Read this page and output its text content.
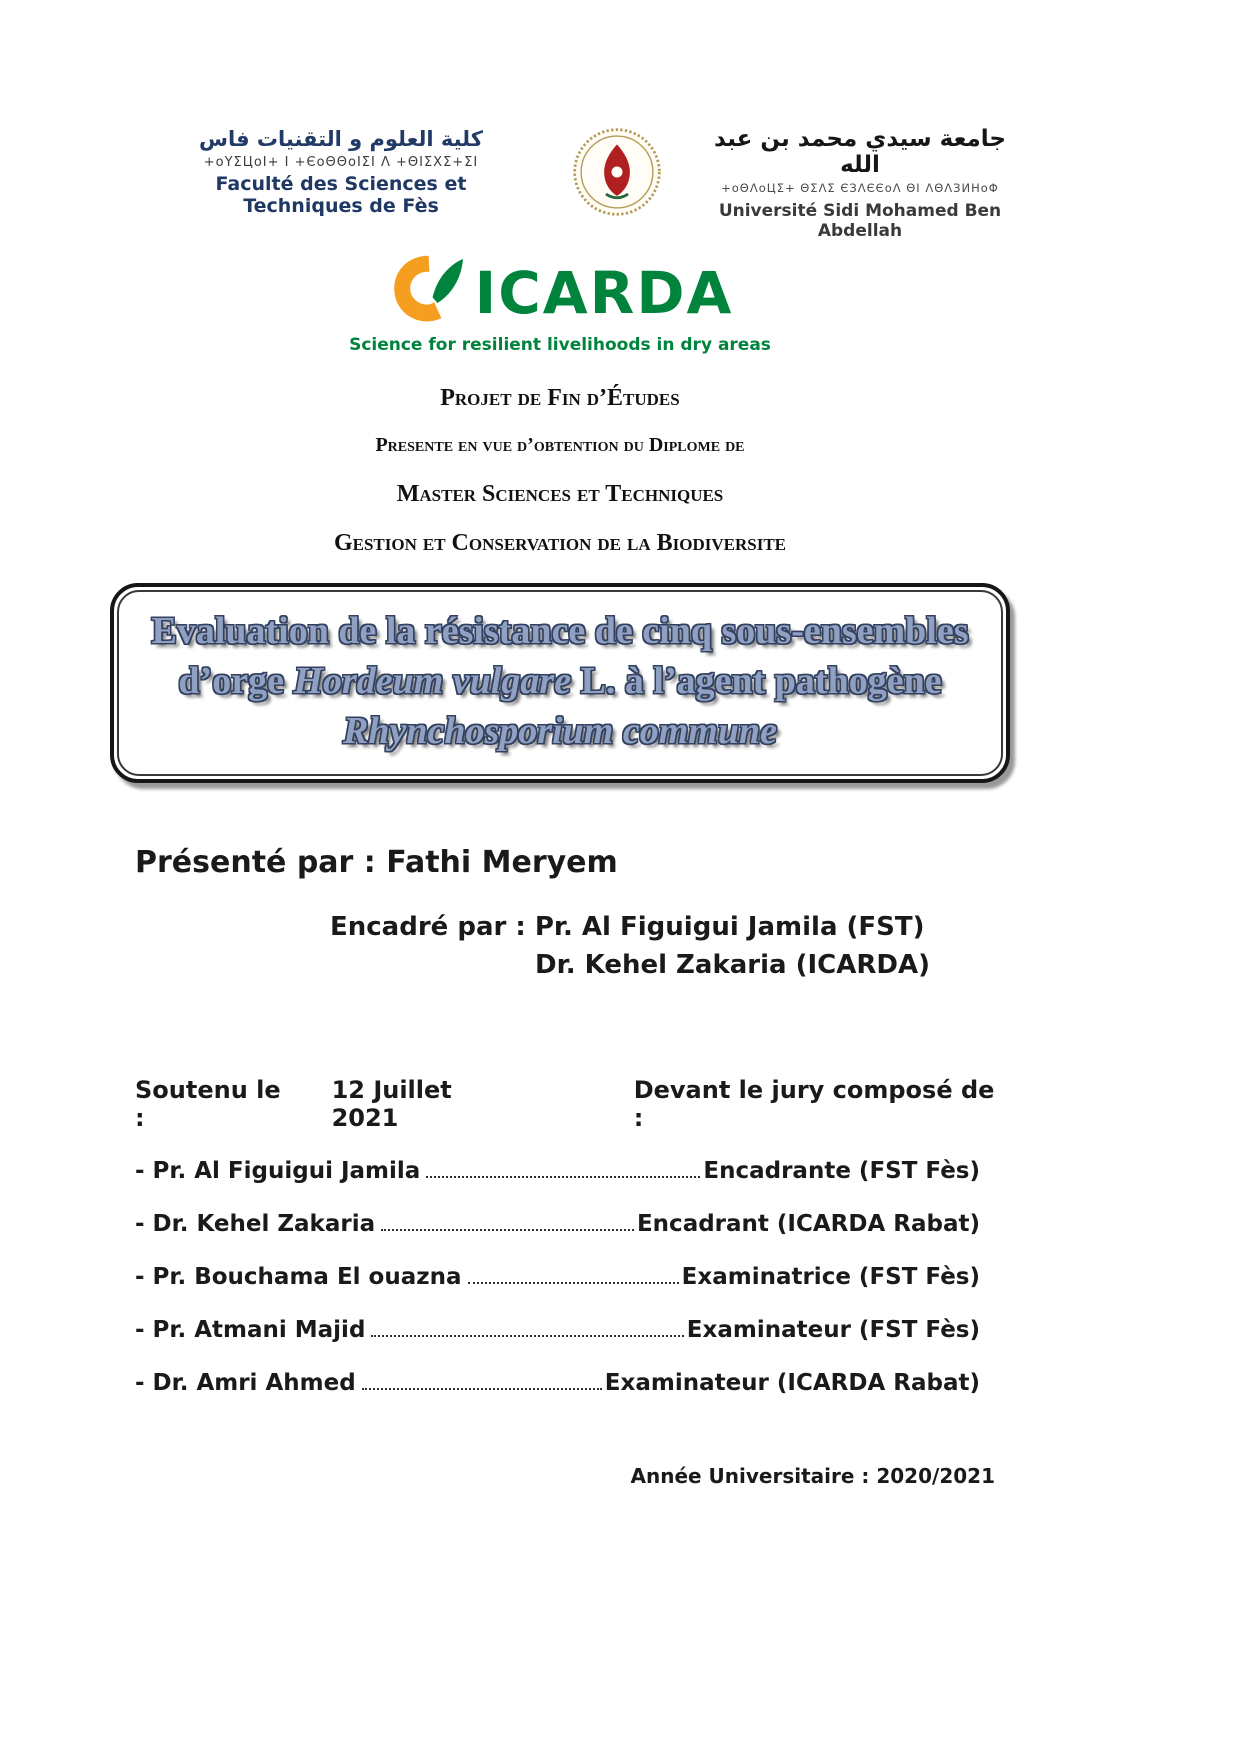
كلية العلوم و التقنيات فاس
+oYΣЦoI+ I +ЄoΘΘoIΣI Λ +ΘIΣXΣ+ΣI
Faculté des Sciences et Techniques de Fès
جامعة سيدي محمد بن عبد الله
+oΘΛoЦΣ+ ΘΣΛΣ ЄЗΛЄЄoΛ ΘI ΛΘΛЗИНoΦ
Université Sidi Mohamed Ben Abdellah
ICARDA
Science for resilient livelihoods in dry areas
Projet de Fin d’Études
Presente en vue d’obtention du Diplome de
Master Sciences et Techniques
Gestion et Conservation de la Biodiversite
Evaluation de la résistance de cinq sous-ensembles
d’orge Hordeum vulgare L. à l’agent pathogène
Rhynchosporium commune
Présenté par : Fathi Meryem
Encadré par : Pr. Al Figuigui Jamila (FST)
Dr. Kehel Zakaria (ICARDA)
Soutenu le :
12 Juillet 2021
Devant le jury composé de :
- Pr. Al Figuigui Jamila	Encadrante (FST Fès)
- Dr. Kehel Zakaria	Encadrant (ICARDA Rabat)
- Pr. Bouchama El ouazna	Examinatrice (FST Fès)
- Pr. Atmani Majid	Examinateur (FST Fès)
- Dr. Amri Ahmed	Examinateur (ICARDA Rabat)
Année Universitaire : 2020/2021
